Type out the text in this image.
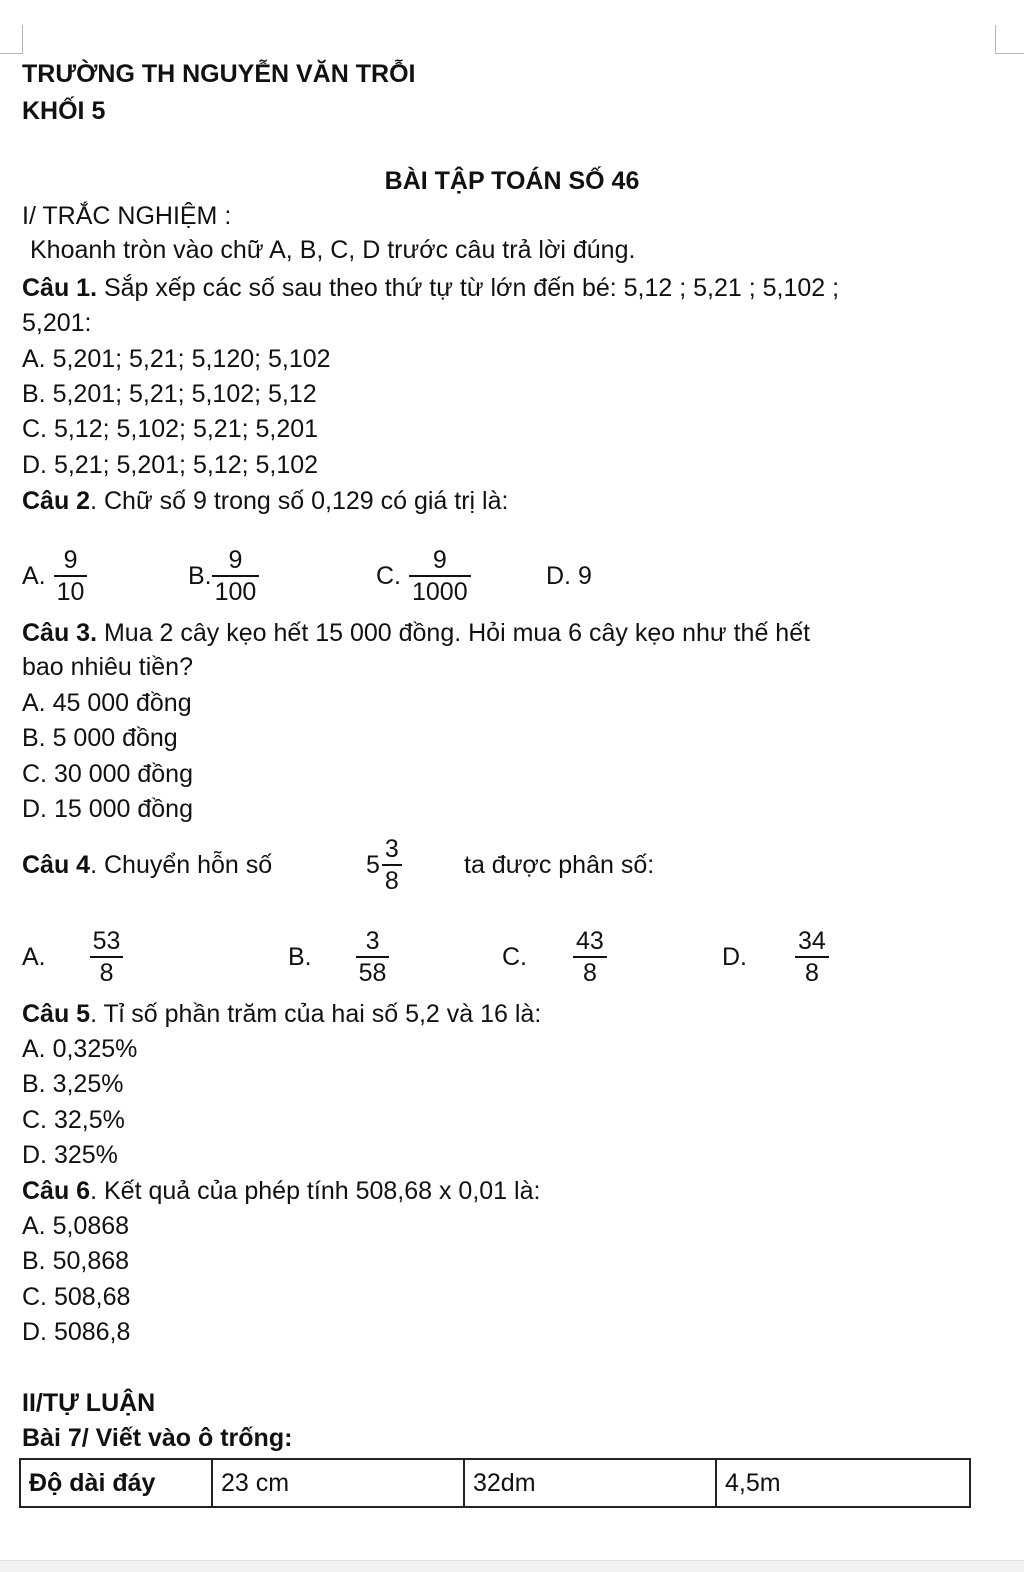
TRƯỜNG TH NGUYỄN VĂN TRỖI
KHỐI 5
BÀI TẬP TOÁN SỐ 46
I/ TRẮC NGHIỆM :
Khoanh tròn vào chữ A, B, C, D trước câu trả lời đúng.
Câu 1. Sắp xếp các số sau theo thứ tự từ lớn đến bé: 5,12 ; 5,21 ; 5,102 ;
5,201:
A. 5,201; 5,21; 5,120; 5,102
B. 5,201; 5,21; 5,102; 5,12
C. 5,12; 5,102; 5,21; 5,201
D. 5,21; 5,201; 5,12; 5,102
Câu 2. Chữ số 9 trong số 0,129 có giá trị là:
A. $\frac{9}{10}$	B. $\frac{9}{100}$	C. $\frac{9}{1000}$	D. 9
Câu 3. Mua 2 cây kẹo hết 15 000 đồng. Hỏi mua 6 cây kẹo như thế hết
bao nhiêu tiền?
A. 45 000 đồng
B. 5 000 đồng
C. 30 000 đồng
D. 15 000 đồng
Câu 4 . Chuyển hỗn số	$5 \frac{3}{8}$ ta được phân số:
A. $\frac{53}{8}$	B. $\frac{3}{58}$	C. $\frac{43}{8}$	D. $\frac{34}{8}$
Câu 5. Tỉ số phần trăm của hai số 5,2 và 16 là:
A. 0,325%
B. 3,25%
C. 32,5%
D. 325%
Câu 6. Kết quả của phép tính 508,68 x 0,01 là:
A. 5,0868
B. 50,868
C. 508,68
D. 5086,8
II/TỰ LUẬN
Bài 7/ Viết vào ô trống:
Độ dài đáy	23 cm	32dm	4,5m
